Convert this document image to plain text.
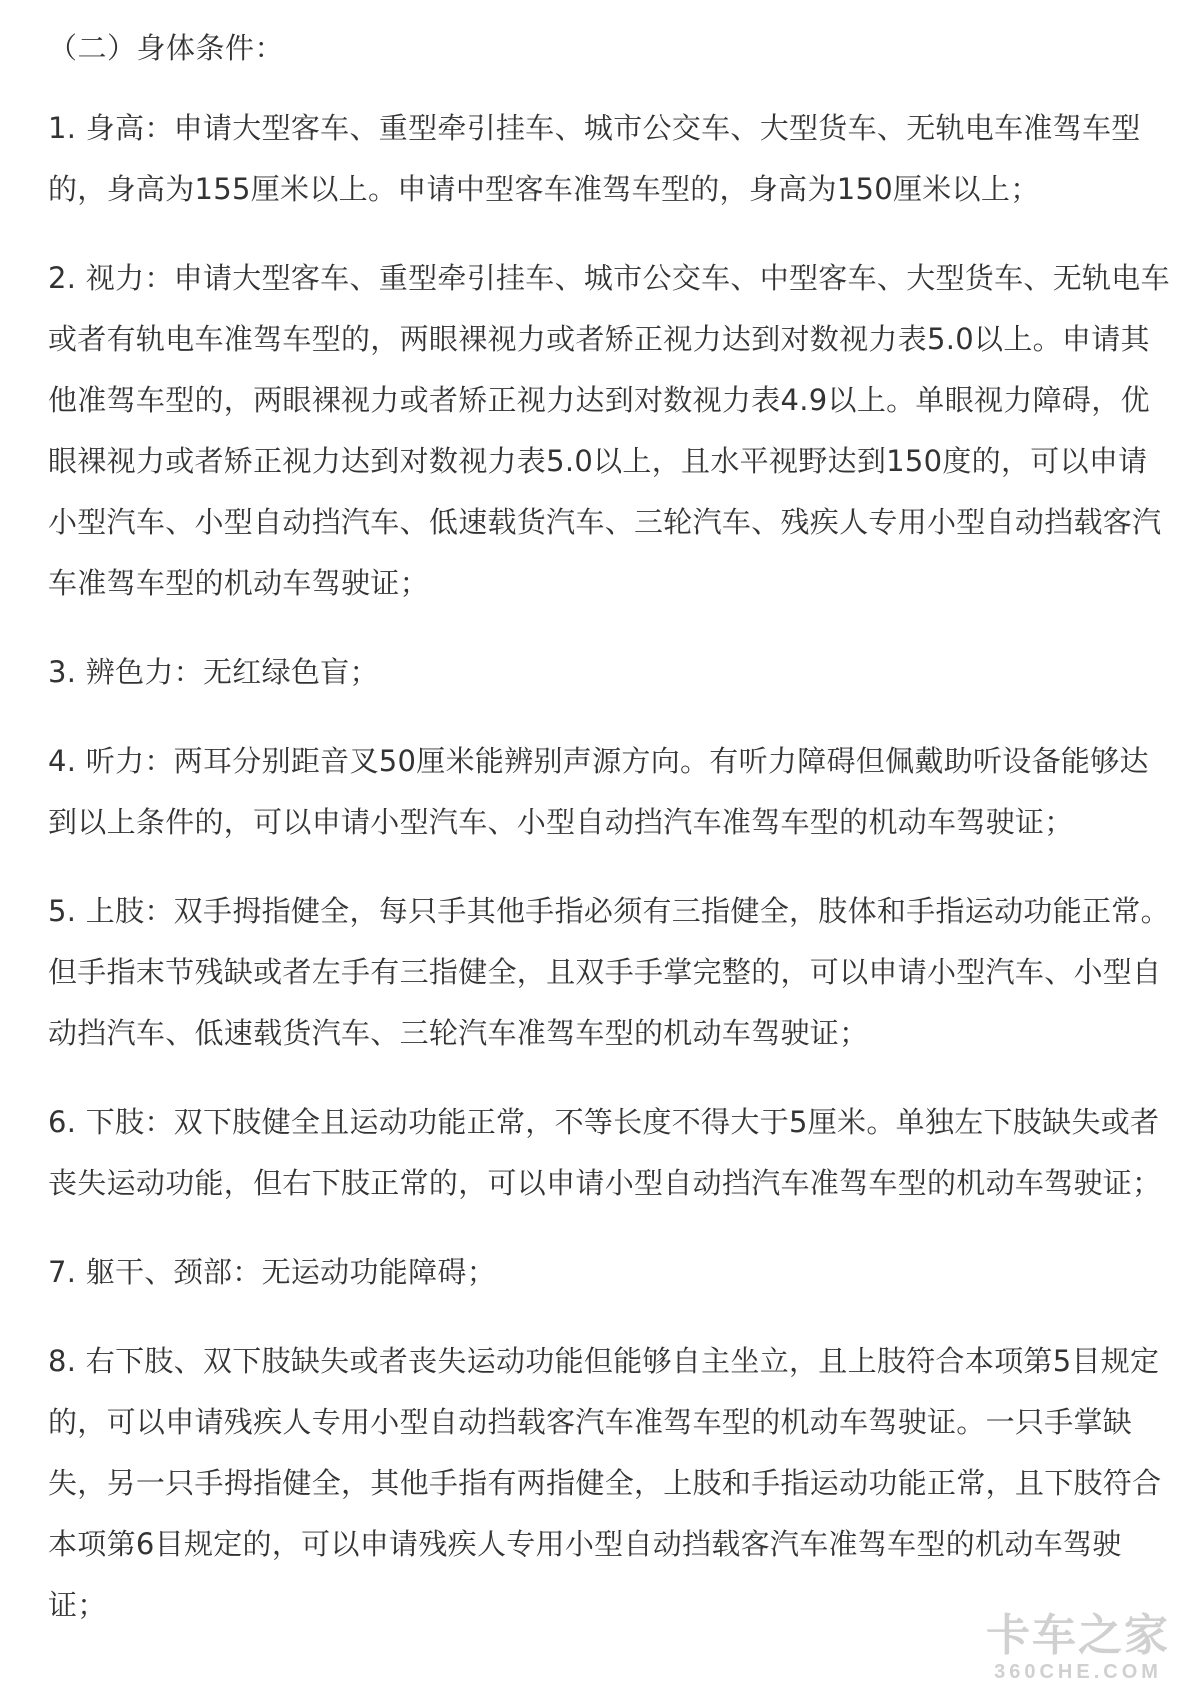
（二）身体条件：

1. 身高：申请大型客车、重型牵引挂车、城市公交车、大型货车、无轨电车准驾车型的，身高为155厘米以上。申请中型客车准驾车型的，身高为150厘米以上；

2. 视力：申请大型客车、重型牵引挂车、城市公交车、中型客车、大型货车、无轨电车或者有轨电车准驾车型的，两眼裸视力或者矫正视力达到对数视力表5.0以上。申请其他准驾车型的，两眼裸视力或者矫正视力达到对数视力表4.9以上。单眼视力障碍，优眼裸视力或者矫正视力达到对数视力表5.0以上，且水平视野达到150度的，可以申请小型汽车、小型自动挡汽车、低速载货汽车、三轮汽车、残疾人专用小型自动挡载客汽车准驾车型的机动车驾驶证；

3. 辨色力：无红绿色盲；

4. 听力：两耳分别距音叉50厘米能辨别声源方向。有听力障碍但佩戴助听设备能够达到以上条件的，可以申请小型汽车、小型自动挡汽车准驾车型的机动车驾驶证；

5. 上肢：双手拇指健全，每只手其他手指必须有三指健全，肢体和手指运动功能正常。但手指末节残缺或者左手有三指健全，且双手手掌完整的，可以申请小型汽车、小型自动挡汽车、低速载货汽车、三轮汽车准驾车型的机动车驾驶证；

6. 下肢：双下肢健全且运动功能正常，不等长度不得大于5厘米。单独左下肢缺失或者丧失运动功能，但右下肢正常的，可以申请小型自动挡汽车准驾车型的机动车驾驶证；

7. 躯干、颈部：无运动功能障碍；

8. 右下肢、双下肢缺失或者丧失运动功能但能够自主坐立，且上肢符合本项第5目规定的，可以申请残疾人专用小型自动挡载客汽车准驾车型的机动车驾驶证。一只手掌缺失，另一只手拇指健全，其他手指有两指健全，上肢和手指运动功能正常，且下肢符合本项第6目规定的，可以申请残疾人专用小型自动挡载客汽车准驾车型的机动车驾驶证；

卡车之家
360CHE.COM
